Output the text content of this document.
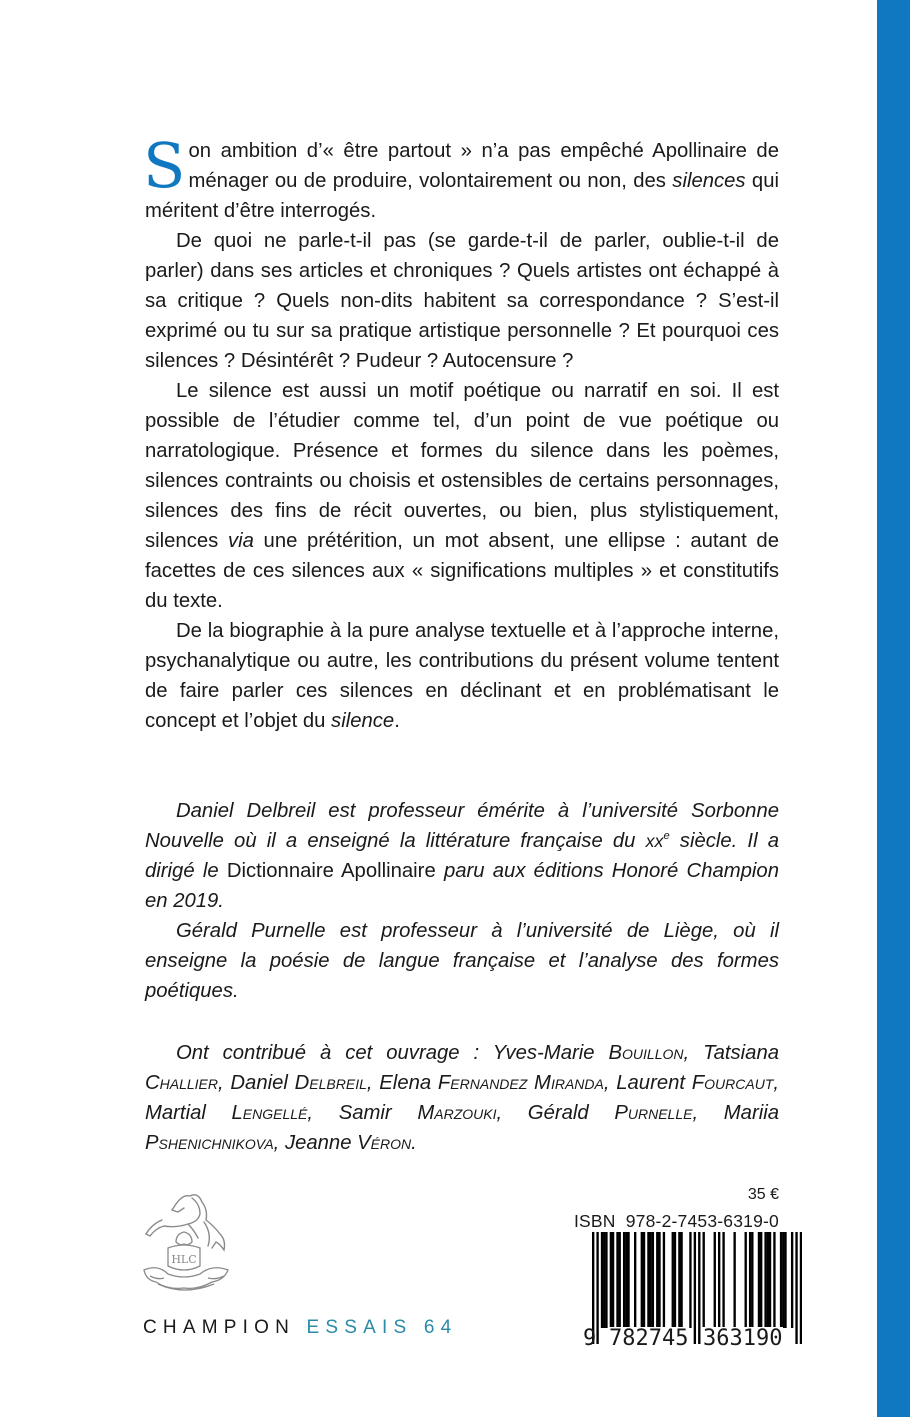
Son ambition d’« être partout » n’a pas empêché Apollinaire de ménager ou de produire, volontairement ou non, des silences qui méritent d’être interrogés.

De quoi ne parle-t-il pas (se garde-t-il de parler, oublie-t-il de parler) dans ses articles et chroniques ? Quels artistes ont échappé à sa critique ? Quels non-dits habitent sa correspondance ? S’est-il exprimé ou tu sur sa pratique artistique personnelle ? Et pourquoi ces silences ? Désintérêt ? Pudeur ? Autocensure ?

Le silence est aussi un motif poétique ou narratif en soi. Il est possible de l’étudier comme tel, d’un point de vue poétique ou narratologique. Présence et formes du silence dans les poèmes, silences contraints ou choisis et ostensibles de certains personnages, silences des fins de récit ouvertes, ou bien, plus stylistiquement, silences via une prétérition, un mot absent, une ellipse : autant de facettes de ces silences aux « significations multiples » et constitutifs du texte.

De la biographie à la pure analyse textuelle et à l’approche interne, psychanalytique ou autre, les contributions du présent volume tentent de faire parler ces silences en déclinant et en problématisant le concept et l’objet du silence.

Daniel Delbreil est professeur émérite à l’université Sorbonne Nouvelle où il a enseigné la littérature française du $xx^e$ siècle. Il a dirigé le Dictionnaire Apollinaire paru aux éditions Honoré Champion en 2019.

Gérald Purnelle est professeur à l’université de Liège, où il enseigne la poésie de langue française et l’analyse des formes poétiques.

Ont contribué à cet ouvrage : Yves-Marie Bouillon, Tatsiana Challier, Daniel Delbreil, Elena Fernandez Miranda, Laurent Fourcaut, Martial Lengellé, Samir Marzouki, Gérald Purnelle, Mariia Pshenichnikova, Jeanne Véron.

HLC
CHAMPION ESSAIS 64
35 €
ISBN 978-2-7453-6319-0
9 782745 363190
